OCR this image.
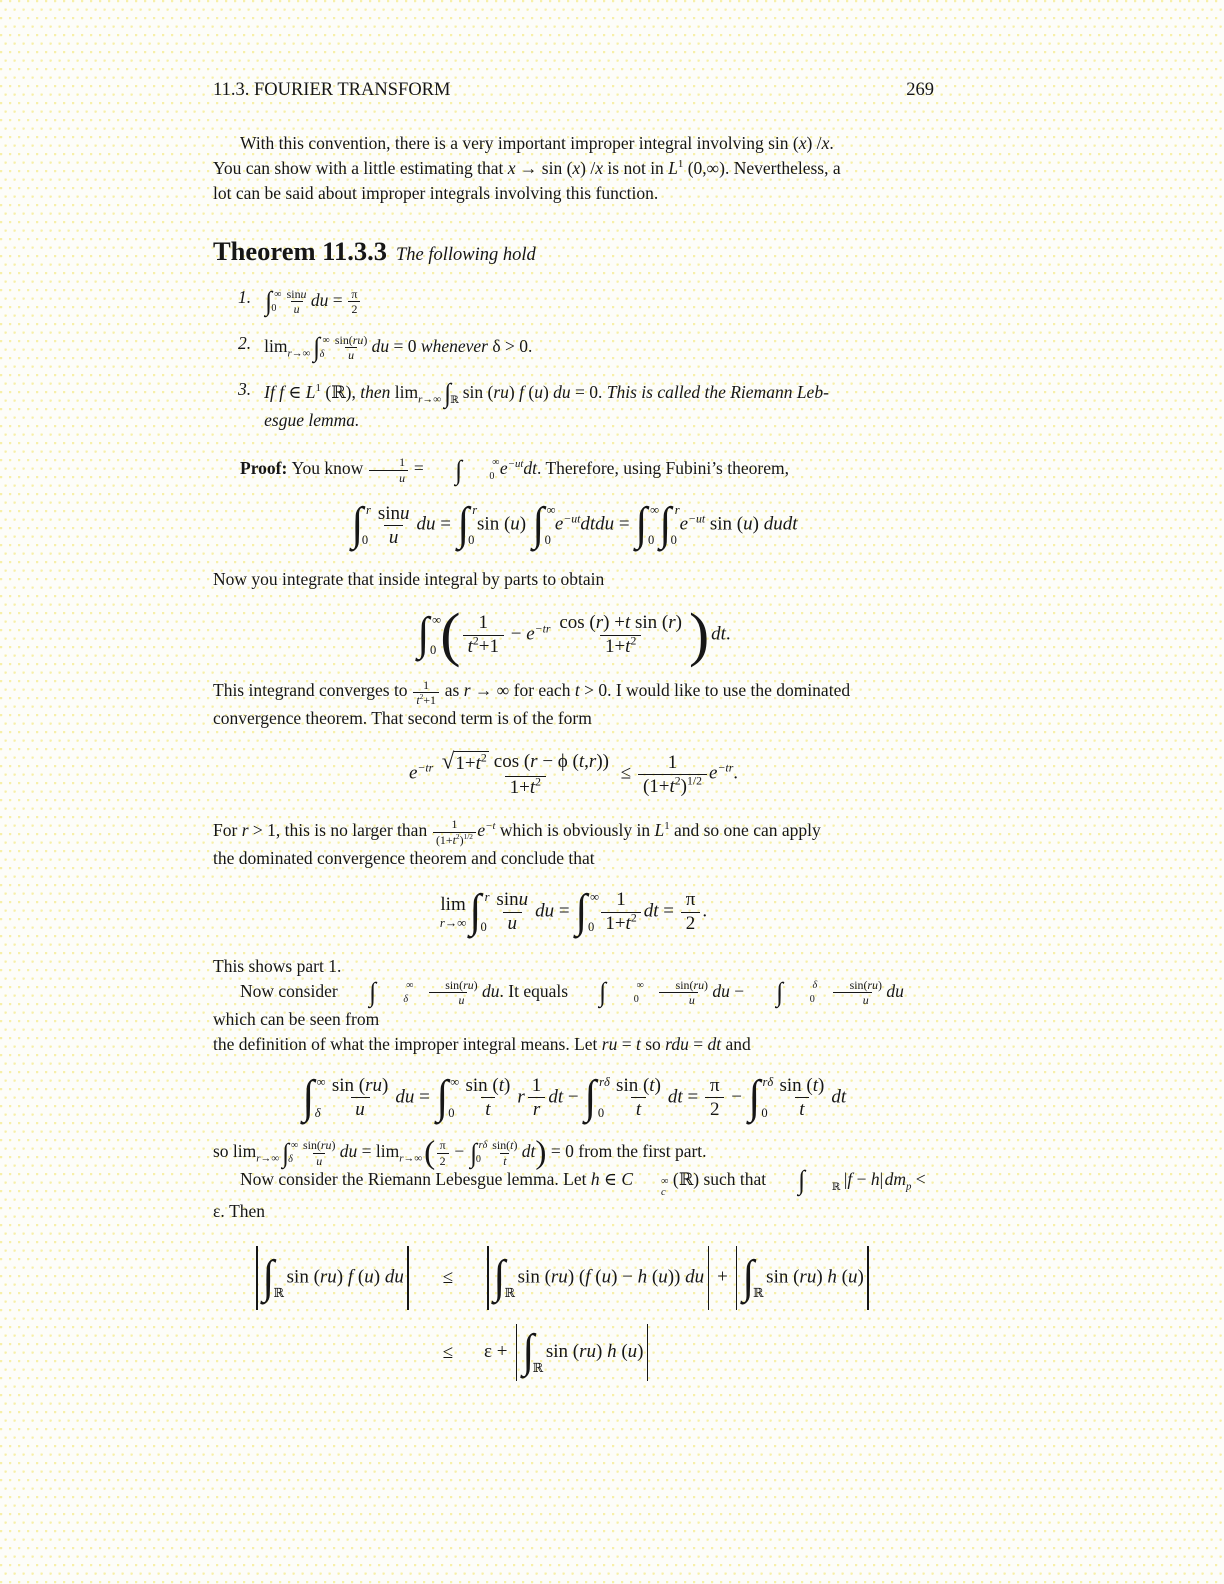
11.3. FOURIER TRANSFORM	269
With this convention, there is a very important improper integral involving sin (x) /x.
You can show with a little estimating that x → sin (x) /x is not in $L^1$ (0,∞). Nevertheless, a
lot can be said about improper integrals involving this function.
Theorem 11.3.3 The following hold
1. ∫ ∞
$0 \frac{\sin u}{u}$ du = $\frac{\pi}{2}$
2. $\lim_{r\to\infty}$ ∫ ∞
δ $\frac{\sin(ru)}{u}$ du = 0 whenever δ > 0.
3. If f ∈ $L^1$ (ℝ), then $\lim_{r\to\infty}$ ∫ ℝ sin (ru) f (u) du = 0. This is called the Riemann Leb-
esgue lemma.
Proof: You know $\frac{1}{u}$ =	∫	∞
0 $e^{-ut}dt$. Therefore, using Fubini’s theorem,
∫ r
$0 \frac{\sin u}{u}$ du = ∫ r
0
sin (u) ∫ ∞
0
$e^{-ut}dtdu$ = ∫ ∞
0 ∫ r
0
$e^{-ut}$ sin (u) dudt
Now you integrate that inside integral by parts to obtain
∫ ∞
0 ( $\frac{1}{t^2+1} - e^{-tr} \frac{\text{cos (r) +t sin (r)}}{1+t^2} )dt$.
This integrand converges to $\frac{1}{t^2+1}$ as r → ∞ for each t > 0. I would like to use the dominated
convergence theorem. That second term is of the form
$e^{-tr} \frac{√ 1+t^2 \cos (r - \phi (t,r))}{1+t^2} \le \frac{1}{(1+t^2)^{1/2}} e^{-tr}$.
For r > 1, this is no larger than $\frac{1}{(1+t^2)^{1/2}} e^{-t}$ which is obviously in $L^1$ and so one can apply
the dominated convergence theorem and conclude that
lim
r→∞ ∫ r
$0 \frac{\sin u}{u}$ du = ∫ ∞
$0 \frac{1}{1+t^2}$ dt = $\frac{\pi}{2}$ .
This shows part 1.
Now consider	∫	∞
δ $\frac{\sin(ru)}{u}$ du. It equals	∫	∞
$0 \frac{\sin(ru)}{u}$ du −	∫	δ
$0 \frac{\sin(ru)}{u}$ du which can be seen from
the definition of what the improper integral means. Let ru = t so rdu = dt and
∫ ∞
δ $\frac{\sin (ru)}{u}$ du = ∫ ∞
$0 \frac{\sin (t)}{t}$ r $\frac{1}{r}$ dt − ∫ rδ
$0 \frac{\sin (t)}{t}$ dt = $\frac{\pi}{2}$ − ∫ rδ
$0 \frac{\sin (t)}{t}$ dt
so $\lim_{r\to\infty}$ ∫ ∞
δ $\frac{\sin(ru)}{u}$ du = $\lim_{r\to\infty}( \frac{\pi}{2}$ − ∫ rδ
$0 \frac{\sin(t)}{t} dt) = 0$ from the first part.
Now consider the Riemann Lebesgue lemma. Let h ∈ C	∞
c
(ℝ) such that	∫	ℝ $|f - h|dm_p$ <
ε. Then
∫ ℝ
sin (ru) f (u) du	≤ ∫ ℝ
sin (ru) (f (u) − h (u)) du + ∫ ℝ
sin (ru) h (u)
≤	ε + ∫ ℝ
sin (ru) h (u)
